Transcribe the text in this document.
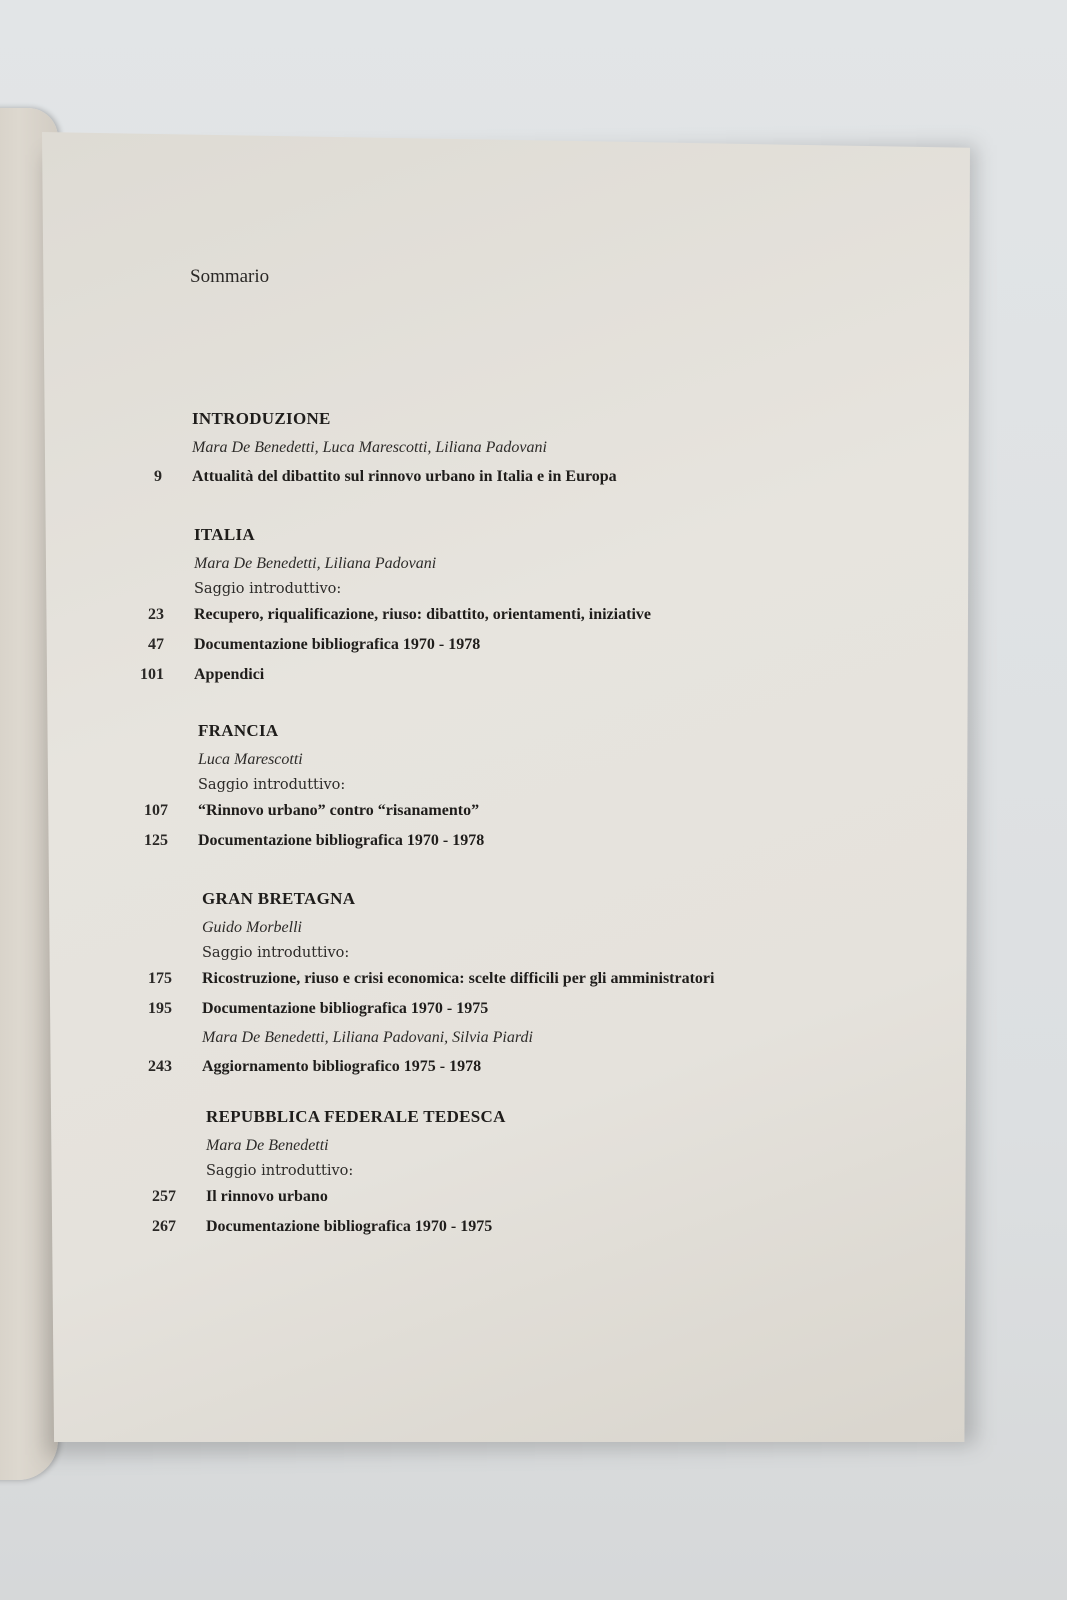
Sommario
INTRODUZIONE
Mara De Benedetti, Luca Marescotti, Liliana Padovani
9 Attualità del dibattito sul rinnovo urbano in Italia e in Europa
ITALIA
Mara De Benedetti, Liliana Padovani
Saggio introduttivo:
23 Recupero, riqualificazione, riuso: dibattito, orientamenti, iniziative
47 Documentazione bibliografica 1970 - 1978
101 Appendici
FRANCIA
Luca Marescotti
Saggio introduttivo:
107 “Rinnovo urbano” contro “risanamento”
125 Documentazione bibliografica 1970 - 1978
GRAN BRETAGNA
Guido Morbelli
Saggio introduttivo:
175 Ricostruzione, riuso e crisi economica: scelte difficili per gli amministratori
195 Documentazione bibliografica 1970 - 1975
Mara De Benedetti, Liliana Padovani, Silvia Piardi
243 Aggiornamento bibliografico 1975 - 1978
REPUBBLICA FEDERALE TEDESCA
Mara De Benedetti
Saggio introduttivo:
257 Il rinnovo urbano
267 Documentazione bibliografica 1970 - 1975
